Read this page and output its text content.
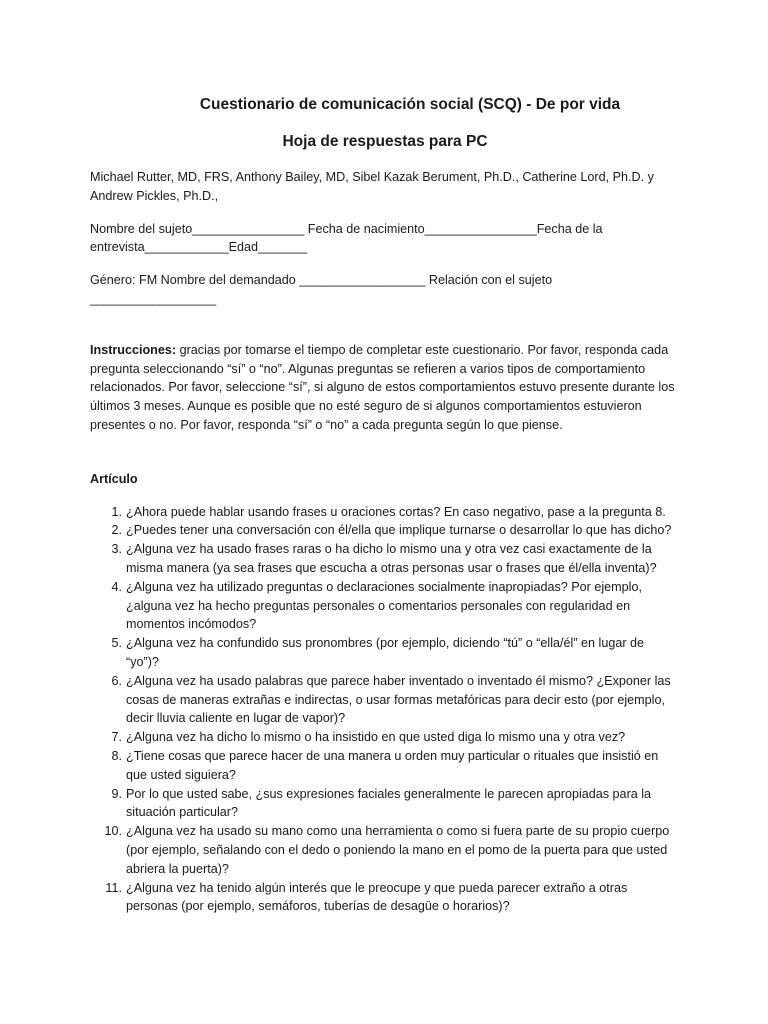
Cuestionario de comunicación social (SCQ) - De por vida
Hoja de respuestas para PC

Michael Rutter, MD, FRS, Anthony Bailey, MD, Sibel Kazak Berument, Ph.D., Catherine Lord, Ph.D. y Andrew Pickles, Ph.D.,

Nombre del sujeto________________ Fecha de nacimiento________________Fecha de la entrevista____________Edad_______

Género: FM Nombre del demandado __________________ Relación con el sujeto __________________

Instrucciones: gracias por tomarse el tiempo de completar este cuestionario. Por favor, responda cada pregunta seleccionando “sí” o “no”. Algunas preguntas se refieren a varios tipos de comportamiento relacionados. Por favor, seleccione “sí”, si alguno de estos comportamientos estuvo presente durante los últimos 3 meses. Aunque es posible que no esté seguro de si algunos comportamientos estuvieron presentes o no. Por favor, responda “sí” o “no” a cada pregunta según lo que piense.

Artículo

1. ¿Ahora puede hablar usando frases u oraciones cortas? En caso negativo, pase a la pregunta 8.
2. ¿Puedes tener una conversación con él/ella que implique turnarse o desarrollar lo que has dicho?
3. ¿Alguna vez ha usado frases raras o ha dicho lo mismo una y otra vez casi exactamente de la misma manera (ya sea frases que escucha a otras personas usar o frases que él/ella inventa)?
4. ¿Alguna vez ha utilizado preguntas o declaraciones socialmente inapropiadas? Por ejemplo, ¿alguna vez ha hecho preguntas personales o comentarios personales con regularidad en momentos incómodos?
5. ¿Alguna vez ha confundido sus pronombres (por ejemplo, diciendo “tú” o “ella/él” en lugar de “yo”)?
6. ¿Alguna vez ha usado palabras que parece haber inventado o inventado él mismo? ¿Exponer las cosas de maneras extrañas e indirectas, o usar formas metafóricas para decir esto (por ejemplo, decir lluvia caliente en lugar de vapor)?
7. ¿Alguna vez ha dicho lo mismo o ha insistido en que usted diga lo mismo una y otra vez?
8. ¿Tiene cosas que parece hacer de una manera u orden muy particular o rituales que insistió en que usted siguiera?
9. Por lo que usted sabe, ¿sus expresiones faciales generalmente le parecen apropiadas para la situación particular?
10. ¿Alguna vez ha usado su mano como una herramienta o como si fuera parte de su propio cuerpo (por ejemplo, señalando con el dedo o poniendo la mano en el pomo de la puerta para que usted abriera la puerta)?
11. ¿Alguna vez ha tenido algún interés que le preocupe y que pueda parecer extraño a otras personas (por ejemplo, semáforos, tuberías de desagüe o horarios)?
